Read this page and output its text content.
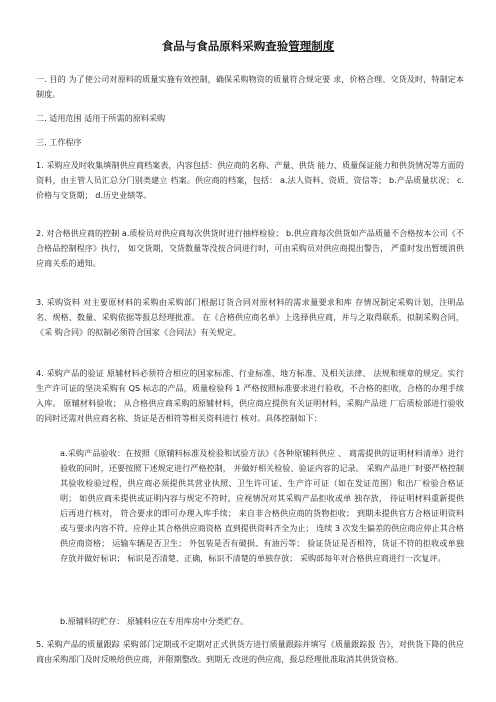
食品与食品原料采购查验管理制度
一. 目的 为了使公司对原料的质量实施有效控制，确保采购物资的质量符合规定要 求，价格合理、交货及时，特制定本制度。
二. 适用范围 适用于所需的原料采购
三. 工作程序
1. 采购应及时收集填制供应商档案表，内容包括：供应商的名称、产量、供货 能力、质量保证能力和供货情况等方面的资料，由主管人员汇总分门别类建立 档案。供应商的档案，包括： a.法人资料、资质、资信等； b.产品质量状况； c.价格与交货期； d.历史业绩等。
2. 对合格供应商的控制 a.质检员对供应商每次供货时进行抽样检验； b.供应商每次供货如产品质量不合格按本公司《不合格品控制程序》执行， 如交货期，交货数量等没按合同进行时，可由采购员对供应商提出警告， 严重时发出暂缓消供应商关系的通知。
3. 采购资料 对主要原材料的采购由采购部门根据订货合同对原材料的需求量要求和库 存情况制定采购计划，注明品名、规格、数量、采购依据等报总经理批准。 在《合格供应商名单》上选择供应商，并与之取得联系，拟制采购合同， 《采 购合同》的拟制必须符合国家《合同法》有关规定。
4. 采购产品的验证 原辅材料必须符合相应的国家标准、行业标准、地方标准、及相关法律、 法规和规章的规定。实行生产许可证的坚决采购有 QS 标志的产品，质量检验科 1 严格按照标准要求进行验收，不合格的拒收，合格的办理手续入库。 原辅材料验收； 从合格供应商采购的原辅材料，供应商应提供有关证明材料，采购产品进 厂后质检部进行验收的同时还需对供应商名称、货证是否相符等相关资料进行 核对。具体控制如下：
a.采购产品验收：在按照《原辅料标准及检验和试验方法》《各种原辅料供应 、 商需提供的证明材料清单》进行验收的同时，还要按照下述规定进行严格控制， 并做好相关检验、验证内容的记录。 采购产品进厂时要严格控制其验收检验过程，供应商必须提供其营业执照、卫生许可证、生产许可证（如在发证范围）和出厂检验合格证明； 如供应商未提供或证明内容与规定不符时，应视情况对其采购产品拒收或单 独存放， 待证明材料重新提供后再进行核对， 符合要求的即可办理入库手续； 来自非合格供应商的货物拒收； 到期未提供官方合格证明资料或与要求内容不符，应停止其合格供应商资格 直到提供资料齐全为止； 连续 3 次发生偏差的供应商应停止其合格供应商资格； 运输车辆是否卫生； 外包装是否有破损、有油污等； 验证货证是否相符，货证不符的拒收或单独存放并做好标识； 标识是否清楚、正确，标识不清楚的单独存放； 采购部每年对合格供应商进行一次复评。
b.原辅料的贮存： 原辅料应在专用库房中分类贮存。
5. 采购产品的质量跟踪 采购部门定期或不定期对正式供货方进行质量跟踪并填写《质量跟踪报 告》，对供货下降的供应商由采购部门及时反映给供应商，并限期整改。到期无 改进的供应商，报总经理批准取消其供货资格。
